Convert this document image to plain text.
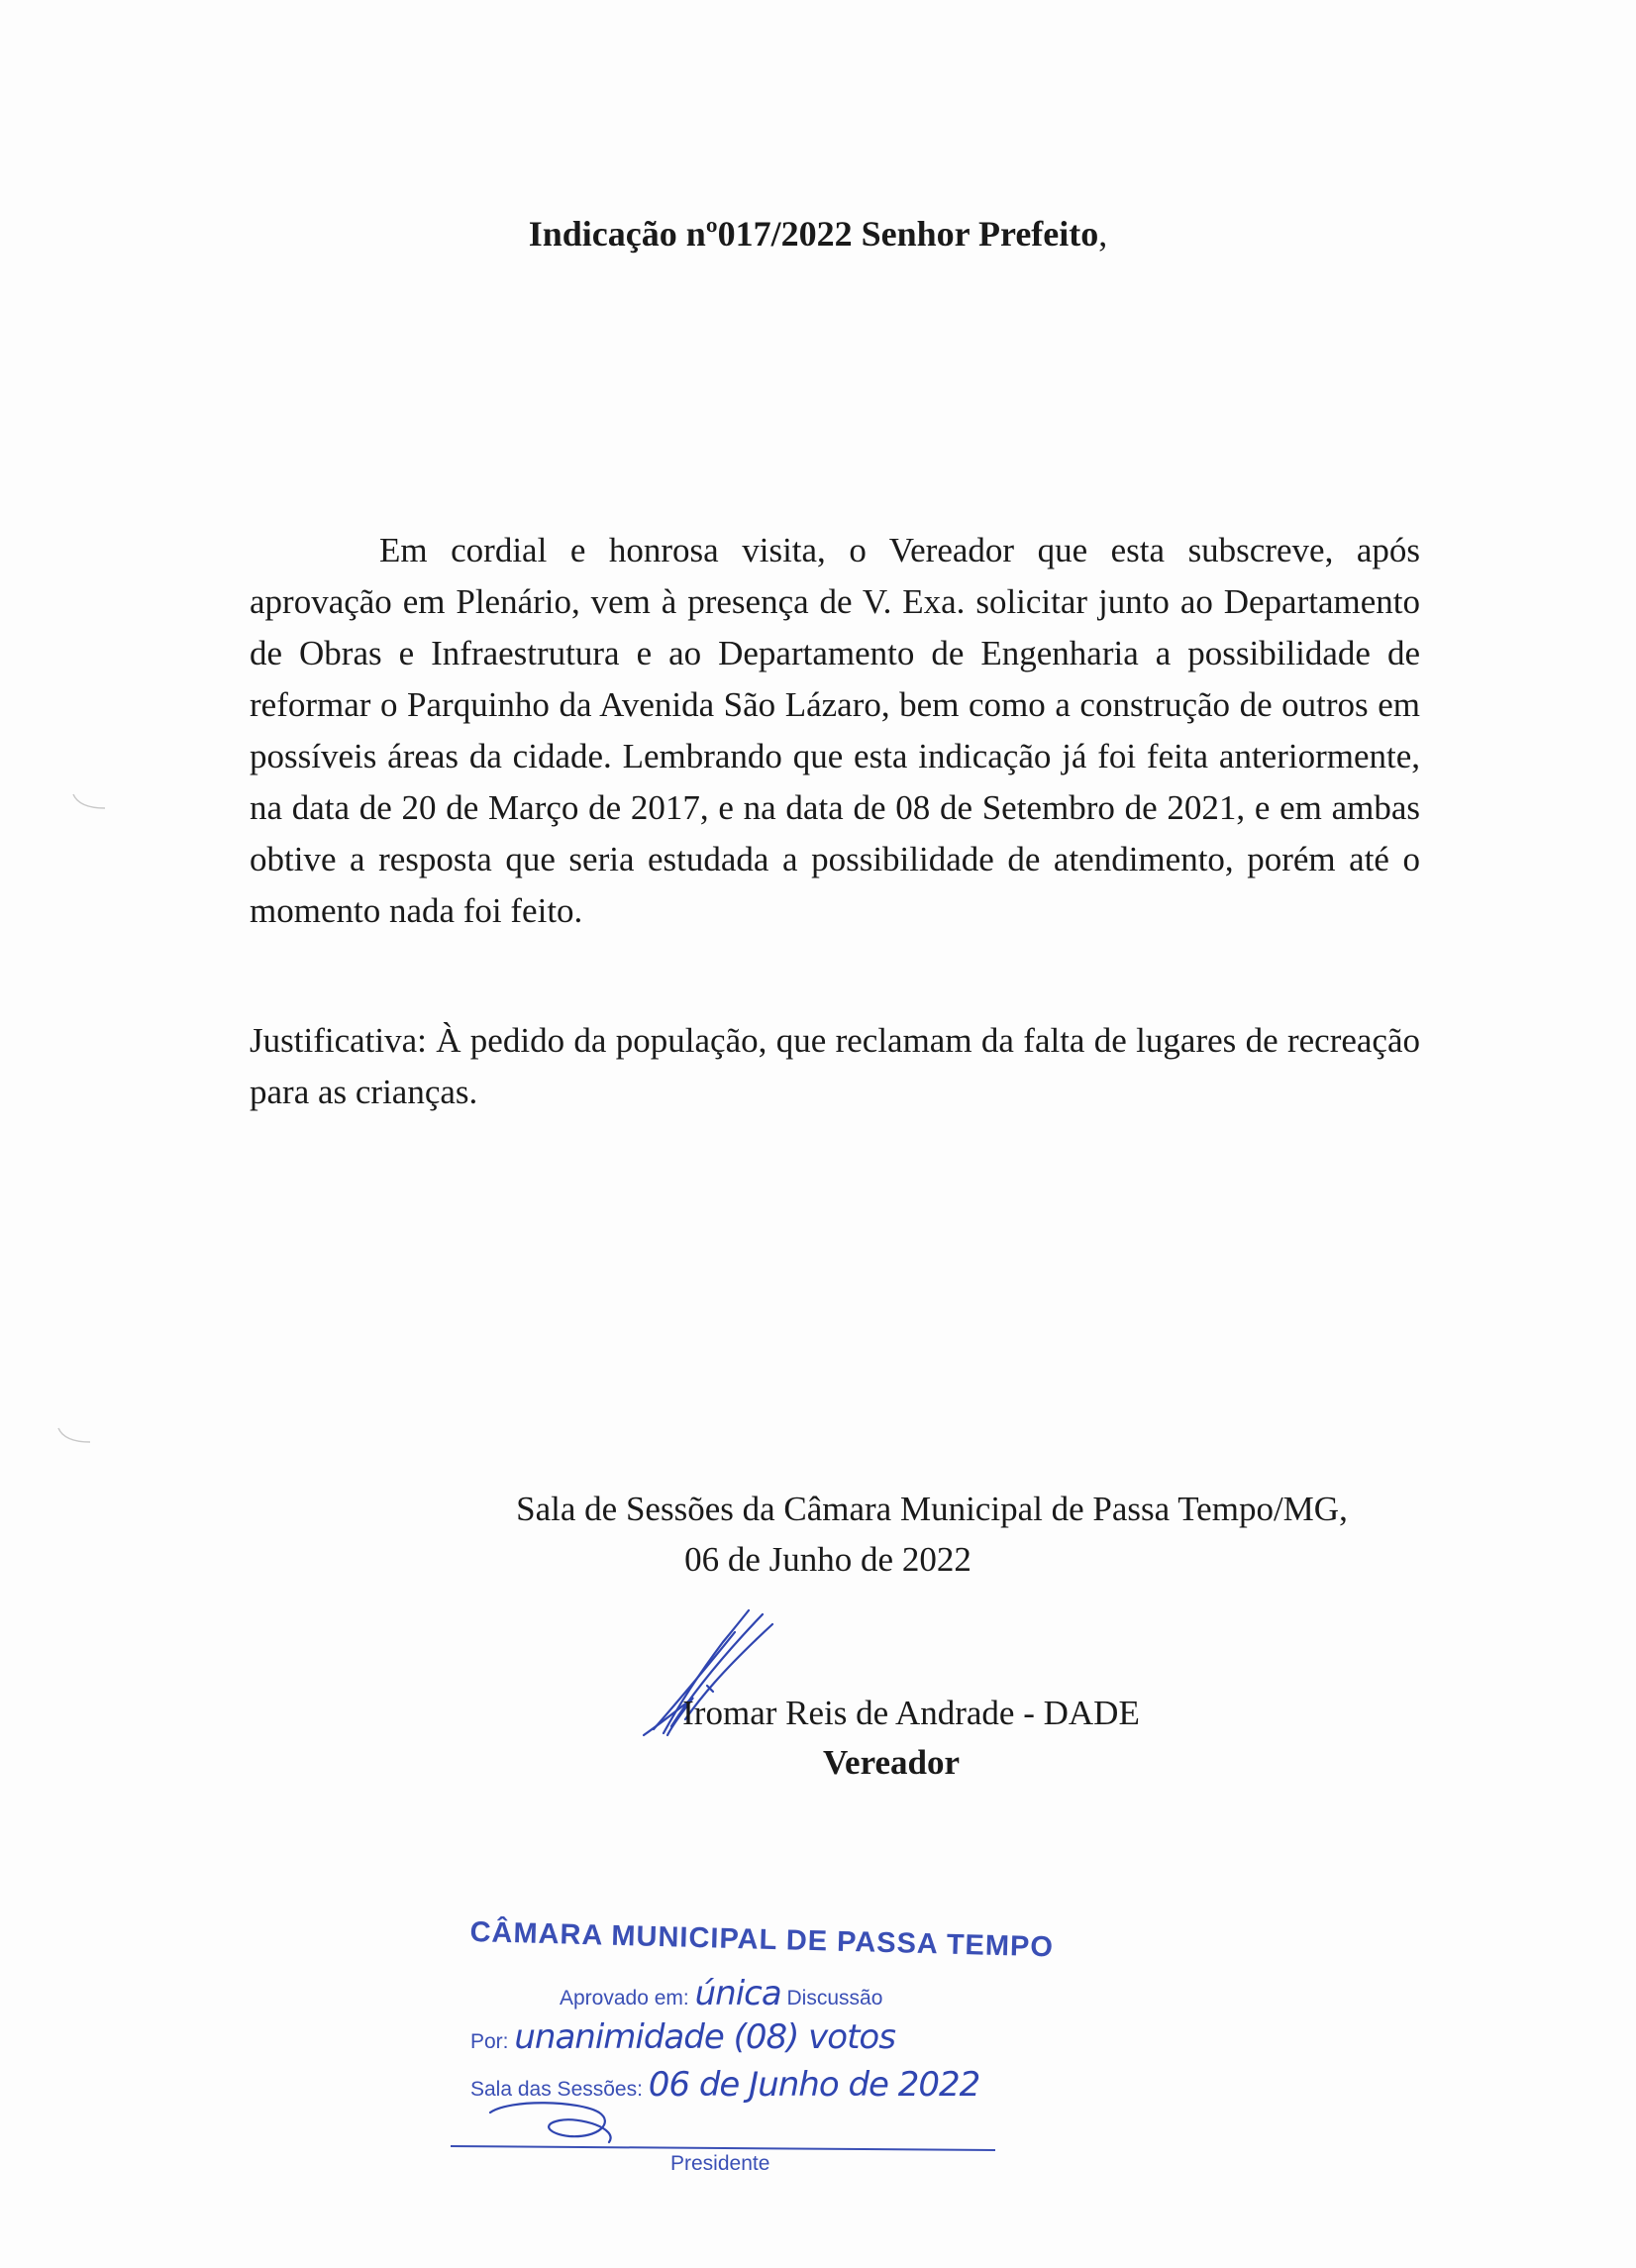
Indicação nº017/2022 Senhor Prefeito,

Em cordial e honrosa visita, o Vereador que esta subscreve, após aprovação em Plenário, vem à presença de V. Exa. solicitar junto ao Departamento de Obras e Infraestrutura e ao Departamento de Engenharia a possibilidade de reformar o Parquinho da Avenida São Lázaro, bem como a construção de outros em possíveis áreas da cidade. Lembrando que esta indicação já foi feita anteriormente, na data de 20 de Março de 2017, e na data de 08 de Setembro de 2021, e em ambas obtive a resposta que seria estudada a possibilidade de atendimento, porém até o momento nada foi feito.

Justificativa: À pedido da população, que reclamam da falta de lugares de recreação para as crianças.

Sala de Sessões da Câmara Municipal de Passa Tempo/MG,
06 de Junho de 2022
Iromar Reis de Andrade - DADE
Vereador
CÂMARA MUNICIPAL DE PASSA TEMPO
Aprovado em: única Discussão
Por: unanimidade (08) votos
Sala das Sessões: 06 de Junho de 2022
Presidente
